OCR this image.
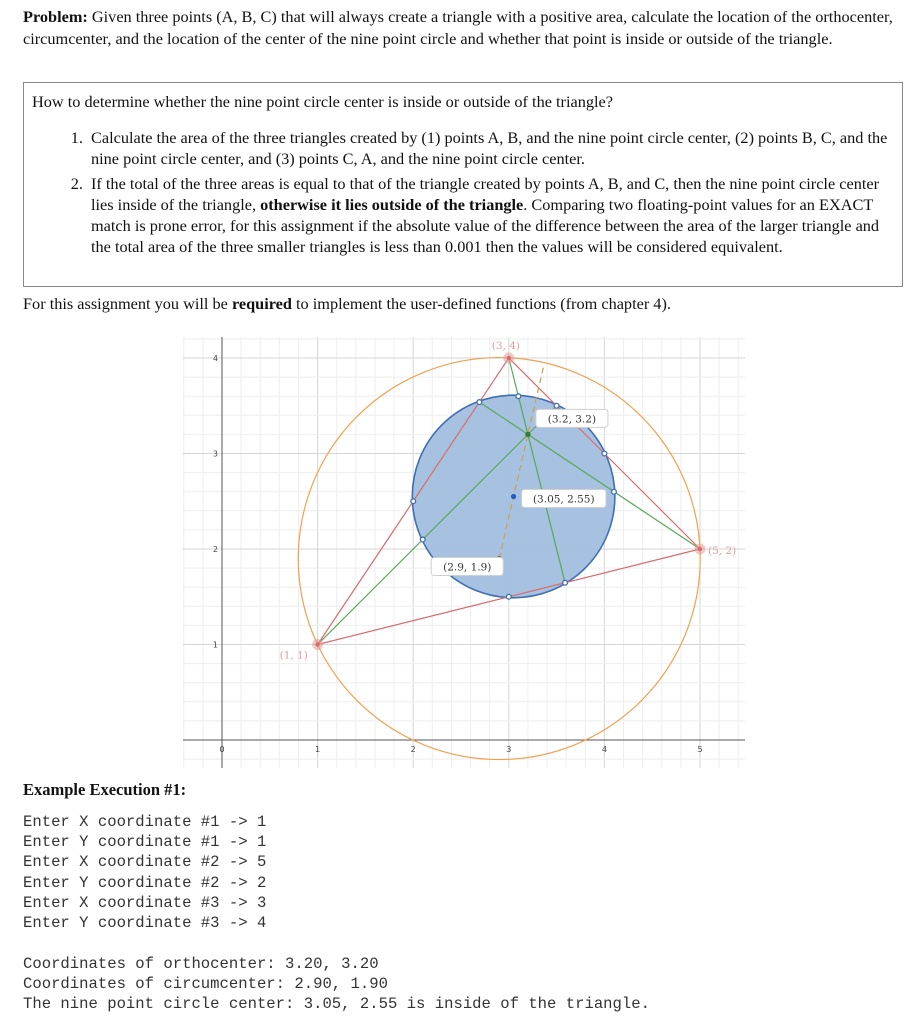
Problem: Given three points (A, B, C) that will always create a triangle with a positive area, calculate the location of the orthocenter, circumcenter, and the location of the center of the nine point circle and whether that point is inside or outside of the triangle.
How to determine whether the nine point circle center is inside or outside of the triangle?
1. Calculate the area of the three triangles created by (1) points A, B, and the nine point circle center, (2) points B, C, and the nine point circle center, and (3) points C, A, and the nine point circle center.
2. If the total of the three areas is equal to that of the triangle created by points A, B, and C, then the nine point circle center lies inside of the triangle, otherwise it lies outside of the triangle. Comparing two floating-point values for an EXACT match is prone error, for this assignment if the absolute value of the difference between the area of the larger triangle and the total area of the three smaller triangles is less than 0.001 then the values will be considered equivalent.
For this assignment you will be required to implement the user-defined functions (from chapter 4).
0	1	2	3	4	5
1
2
3
4
(1, 1)
(5, 2)
(3, 4)
(3.2, 3.2)
(2.9, 1.9)
(3.05, 2.55)
Example Execution #1:
Enter X coordinate #1 -> 1
Enter Y coordinate #1 -> 1
Enter X coordinate #2 -> 5
Enter Y coordinate #2 -> 2
Enter X coordinate #3 -> 3
Enter Y coordinate #3 -> 4
Coordinates of orthocenter: 3.20, 3.20
Coordinates of circumcenter: 2.90, 1.90
The nine point circle center: 3.05, 2.55 is inside of the triangle.
